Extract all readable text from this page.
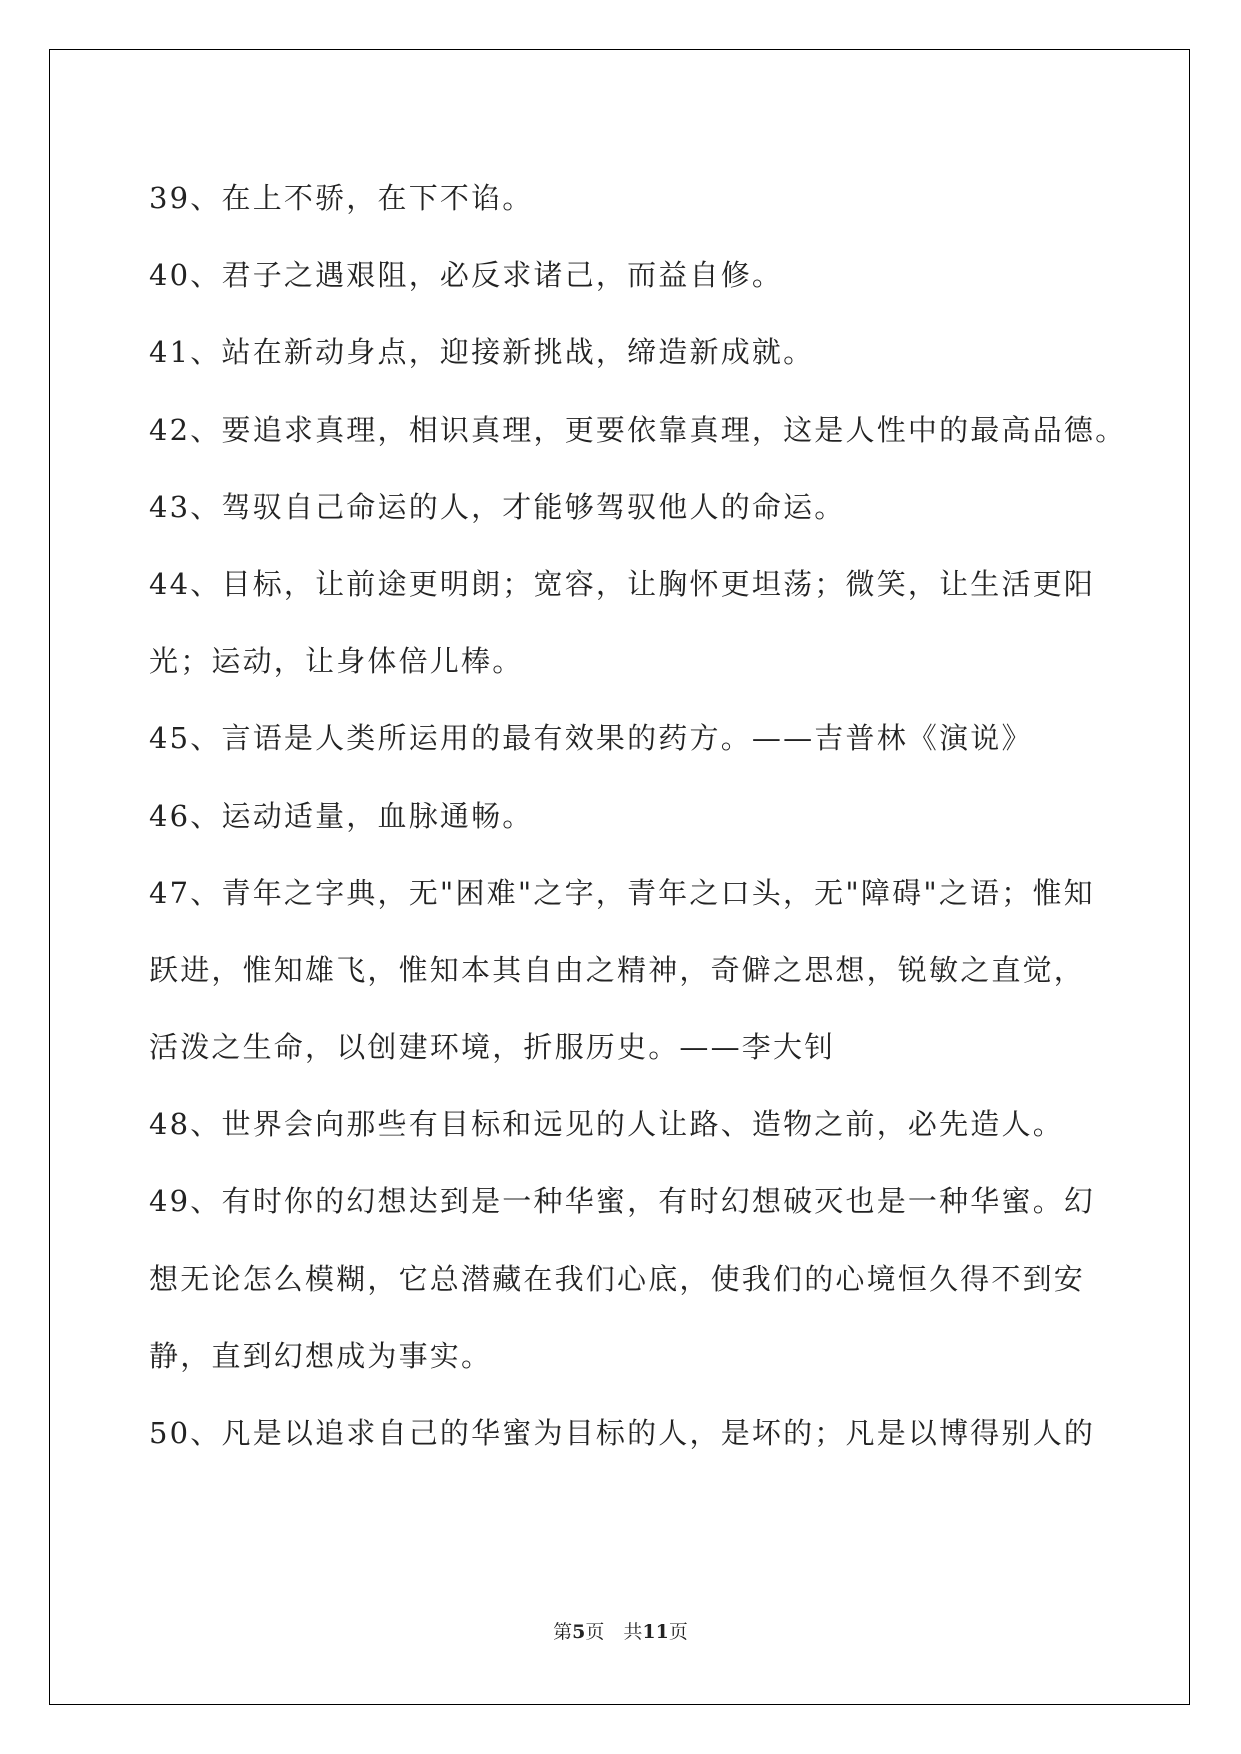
39、在上不骄，在下不谄。
40、君子之遇艰阻，必反求诸己，而益自修。
41、站在新动身点，迎接新挑战，缔造新成就。
42、要追求真理，相识真理，更要依靠真理，这是人性中的最高品德。
43、驾驭自己命运的人，才能够驾驭他人的命运。
44、目标，让前途更明朗；宽容，让胸怀更坦荡；微笑，让生活更阳
光；运动，让身体倍儿棒。
45、言语是人类所运用的最有效果的药方。——吉普林《演说》
46、运动适量，血脉通畅。
47、青年之字典，无"困难"之字，青年之口头，无"障碍"之语；惟知
跃进，惟知雄飞，惟知本其自由之精神，奇僻之思想，锐敏之直觉，
活泼之生命，以创建环境，折服历史。——李大钊
48、世界会向那些有目标和远见的人让路、造物之前，必先造人。
49、有时你的幻想达到是一种华蜜，有时幻想破灭也是一种华蜜。幻
想无论怎么模糊，它总潜藏在我们心底，使我们的心境恒久得不到安
静，直到幻想成为事实。
50、凡是以追求自己的华蜜为目标的人，是坏的；凡是以博得别人的
第5页　共11页
